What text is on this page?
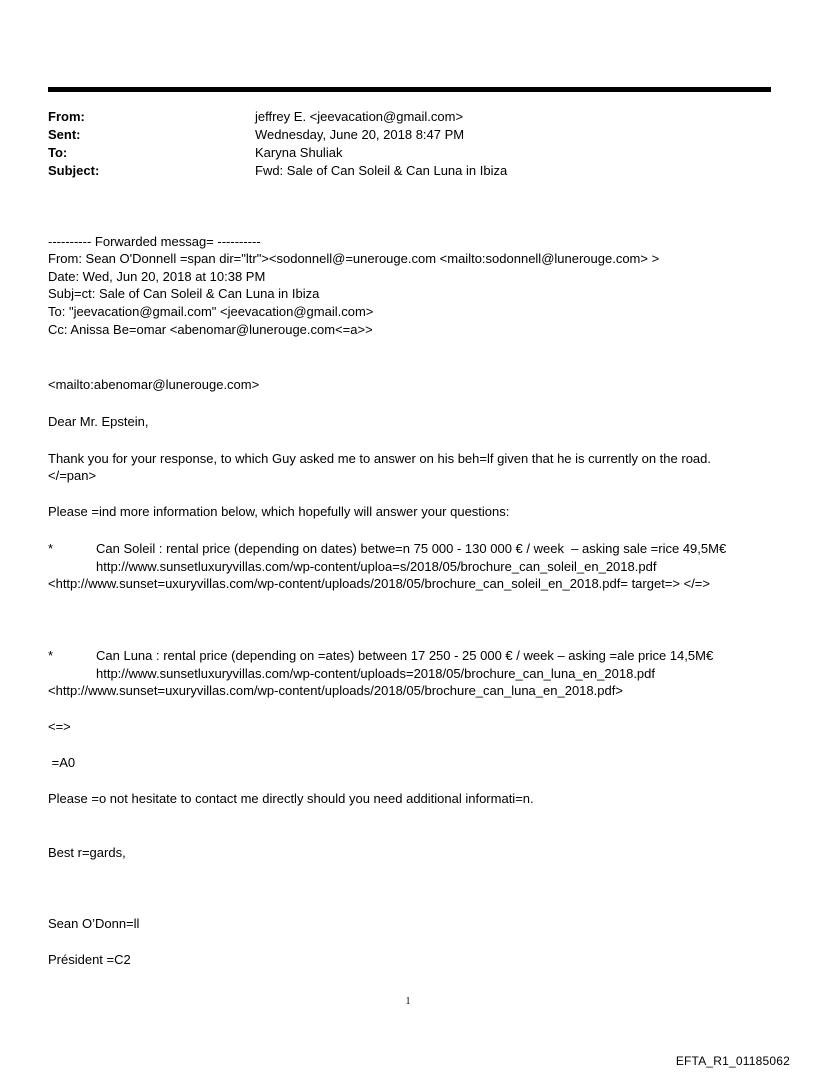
From:	jeffrey E. <jeevacation@gmail.com>
Sent:	Wednesday, June 20, 2018 8:47 PM
To:	Karyna Shuliak
Subject:	Fwd: Sale of Can Soleil & Can Luna in Ibiza
---------- Forwarded messag= ----------
From: Sean O'Donnell =span dir="ltr"><sodonnell@=unerouge.com <mailto:sodonnell@lunerouge.com> >
Date: Wed, Jun 20, 2018 at 10:38 PM
Subj=ct: Sale of Can Soleil & Can Luna in Ibiza
To: "jeevacation@gmail.com" <jeevacation@gmail.com>
Cc: Anissa Be=omar <abenomar@lunerouge.com<=a>>
<mailto:abenomar@lunerouge.com>
Dear Mr. Epstein,
Thank you for your response, to which Guy asked me to answer on his beh=lf given that he is currently on the road.</=pan>
Please =ind more information below, which hopefully will answer your questions:
*	Can Soleil : rental price (depending on dates) betwe=n 75 000 - 130 000 € / week  – asking sale =rice 49,5M€
http://www.sunsetluxuryvillas.com/wp-content/uploa=s/2018/05/brochure_can_soleil_en_2018.pdf
<http://www.sunset=uxuryvillas.com/wp-content/uploads/2018/05/brochure_can_soleil_en_2018.pdf= target=> </=>
*	Can Luna : rental price (depending on =ates) between 17 250 - 25 000 € / week – asking =ale price 14,5M€
http://www.sunsetluxuryvillas.com/wp-content/uploads=2018/05/brochure_can_luna_en_2018.pdf
<http://www.sunset=uxuryvillas.com/wp-content/uploads/2018/05/brochure_can_luna_en_2018.pdf>
<=>
=A0
Please =o not hesitate to contact me directly should you need additional informati=n.
Best r=gards,
Sean O’Donn=ll
Président =C2
1
EFTA_R1_01185062
